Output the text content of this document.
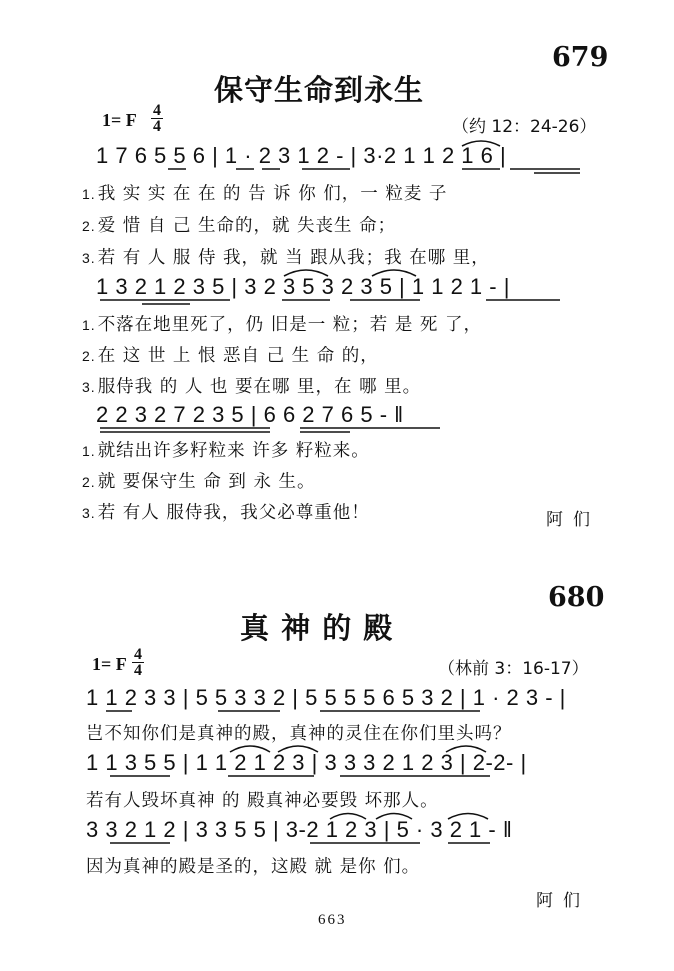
679
保守生命到永生
1= F 4
4	（约 12：24-26）
1 7 6 5 5 6 | 1 · 2 3 1 2 - | 3·2 1 1 2 1 6 |
1. 我 实 实 在 在 的 告 诉 你 们，一 粒麦 子
2. 爱 惜 自 己 生命的，就 失丧生 命；
3. 若 有 人 服 侍 我，就 当 跟从我；我 在哪 里，
1 3 2 1 2 3 5 | 3 2 3 5 3 2 3 5 | 1 1 2 1 - |
1. 不落在地里死了，仍 旧是一 粒；若 是 死 了，
2. 在 这 世 上 恨 恶自 己 生 命 的，
3. 服侍我 的 人 也 要在哪 里，在 哪 里。
2 2 3 2 7 2 3 5 | 6 6 2 7 6 5 - ‖
1. 就结出许多籽粒来 许多 籽粒来。
2. 就 要保守生 命 到 永 生。
3. 若 有人 服侍我，我父必尊重他！	阿们
680
真 神 的 殿
1= F 4
4	（林前 3：16-17）
1 1 2 3 3 | 5 5 3 3 2 | 5 5 5 5 6 5 3 2 | 1 · 2 3 - |
岂不知你们是真神的殿，真神的灵住在你们里头吗？
1 1 3 5 5 | 1 1 2 1 2 3 | 3 3 3 2 1 2 3 | 2-2- |
若有人毁坏真神 的 殿真神必要毁 坏那人。
3 3 2 1 2 | 3 3 5 5 | 3-2 1 2 3 | 5 · 3 2 1 - ‖
因为真神的殿是圣的，这殿 就 是你 们。
阿们
663
